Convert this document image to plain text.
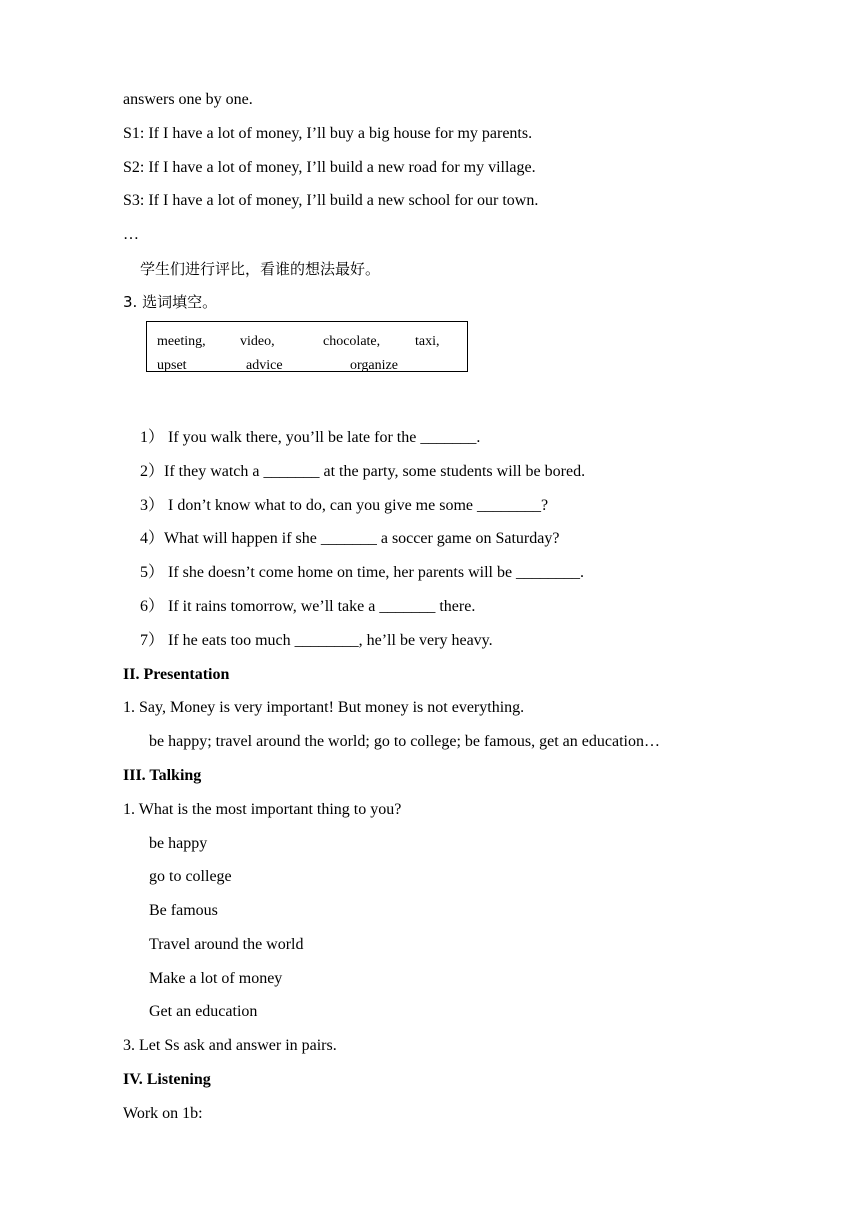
answers one by one.
S1: If I have a lot of money, I’ll buy a big house for my parents.
S2: If I have a lot of money, I’ll build a new road for my village.
S3: If I have a lot of money, I’ll build a new school for our town.
…
学生们进行评比，看谁的想法最好。
3. 选词填空。
meeting, video,	chocolate, taxi,
upset	advice	organize
1） If you walk there, you’ll be late for the _______.
2）If they watch a _______ at the party, some students will be bored.
3） I don’t know what to do, can you give me some ________?
4）What will happen if she _______ a soccer game on Saturday?
5） If she doesn’t come home on time, her parents will be ________.
6） If it rains tomorrow, we’ll take a _______ there.
7） If he eats too much ________, he’ll be very heavy.
II. Presentation
1. Say, Money is very important! But money is not everything.
be happy; travel around the world; go to college; be famous, get an education…
III. Talking
1. What is the most important thing to you?
be happy
go to college
Be famous
Travel around the world
Make a lot of money
Get an education
3. Let Ss ask and answer in pairs.
IV. Listening
Work on 1b:
